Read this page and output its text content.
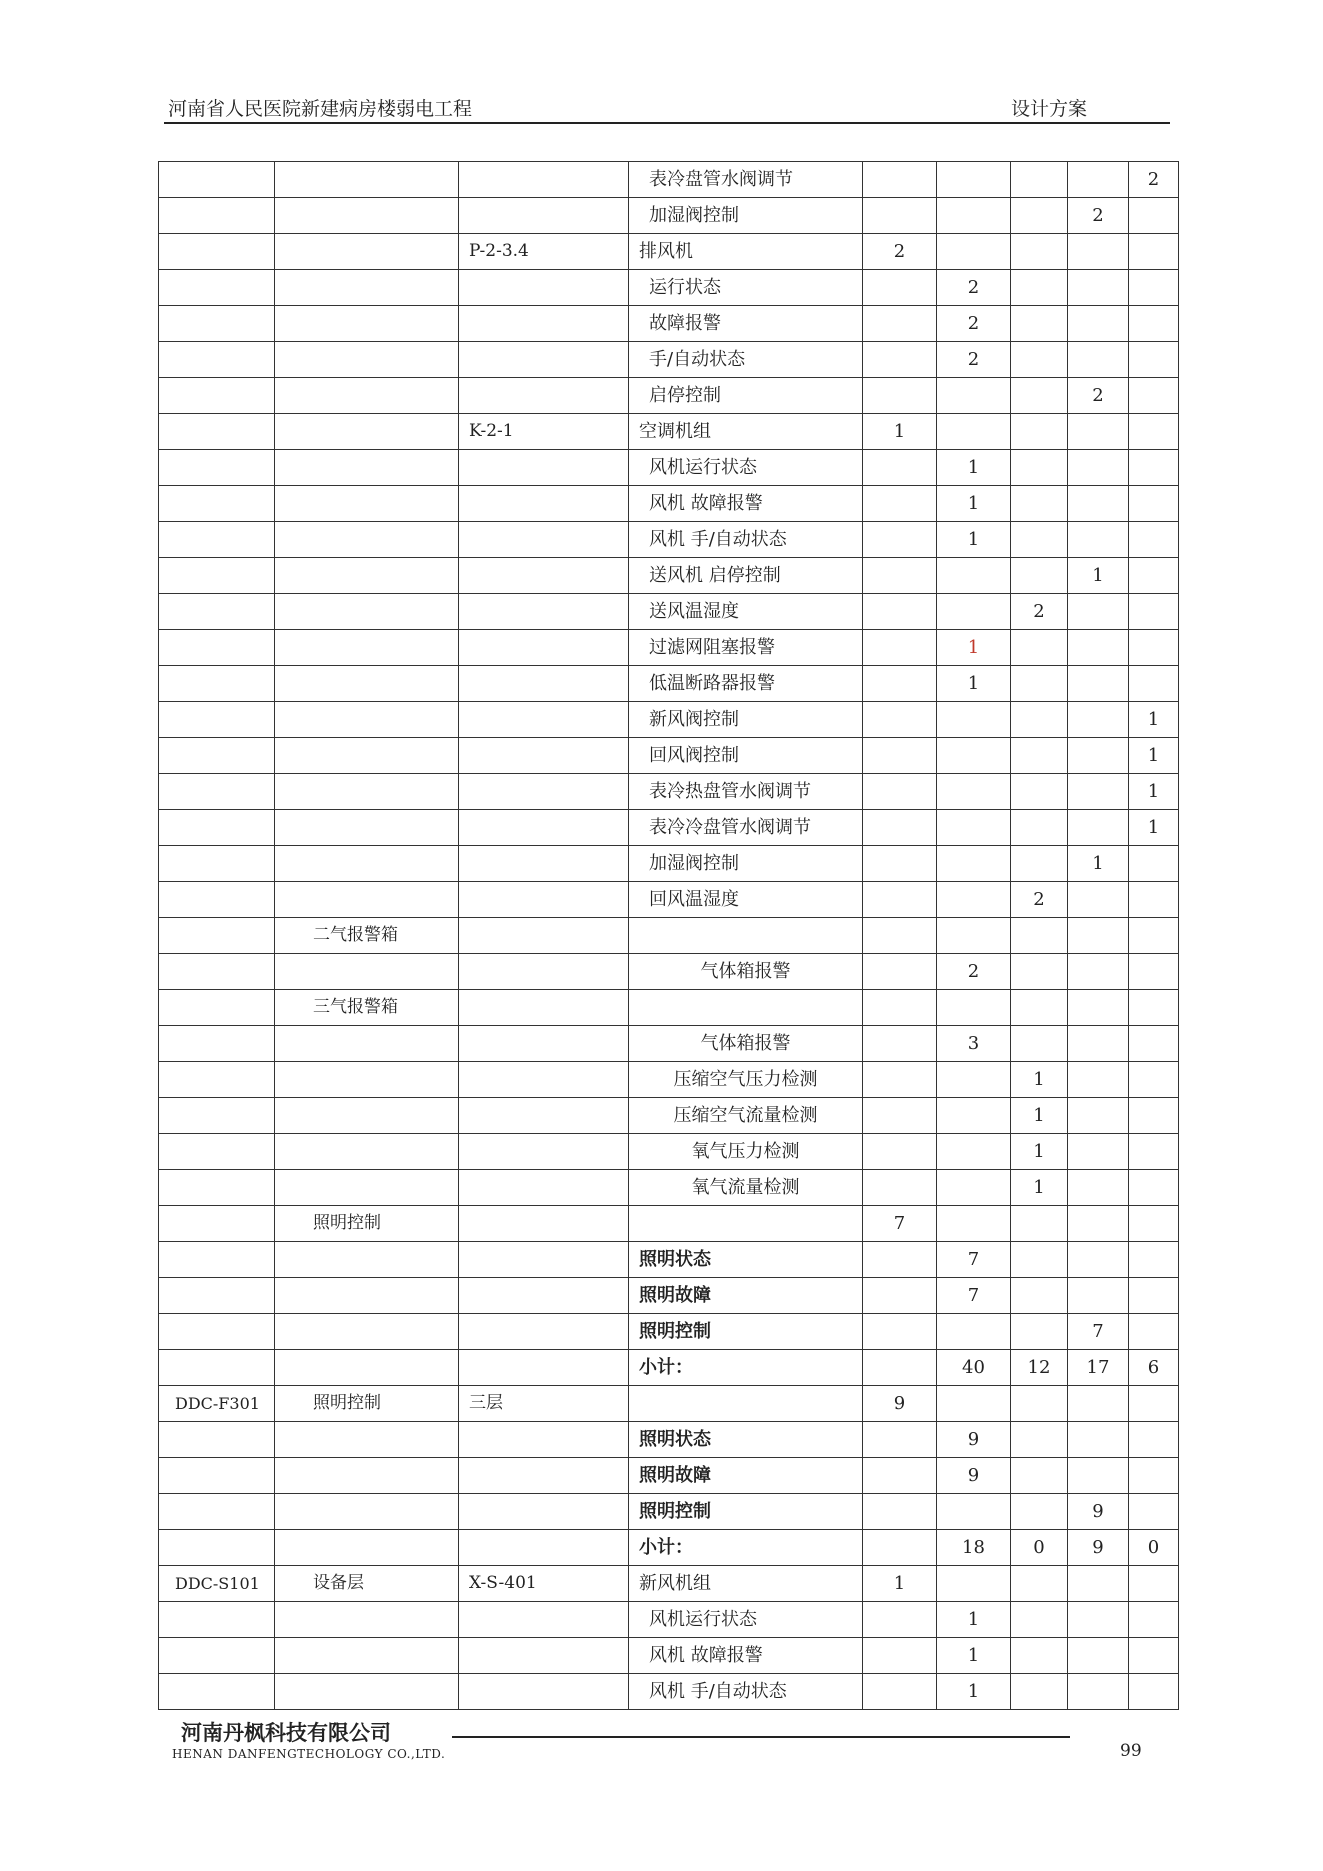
河南省人民医院新建病房楼弱电工程	设计方案
			表冷盘管水阀调节					2
			加湿阀控制				2	
		P-2-3.4	排风机	2				
			运行状态		2			
			故障报警		2			
			手/自动状态		2			
			启停控制				2	
		K-2-1	空调机组	1				
			风机运行状态		1			
			风机 故障报警		1			
			风机 手/自动状态		1			
			送风机 启停控制				1	
			送风温湿度			2		
			过滤网阻塞报警		1			
			低温断路器报警		1			
			新风阀控制					1
			回风阀控制					1
			表冷热盘管水阀调节					1
			表冷冷盘管水阀调节					1
			加湿阀控制				1	
			回风温湿度			2		
	二气报警箱							
			气体箱报警		2			
	三气报警箱							
			气体箱报警		3			
			压缩空气压力检测			1		
			压缩空气流量检测			1		
			氧气压力检测			1		
			氧气流量检测			1		
	照明控制			7				
			照明状态		7			
			照明故障		7			
			照明控制				7	
			小计：		40	12	17	6
DDC-F301	照明控制	三层		9				
			照明状态		9			
			照明故障		9			
			照明控制				9	
			小计：		18	0	9	0
DDC-S101	设备层	X-S-401	新风机组	1				
			风机运行状态		1			
			风机 故障报警		1			
			风机 手/自动状态		1			
河南丹枫科技有限公司
HENAN DANFENGTECHOLOGY CO.,LTD.	99
